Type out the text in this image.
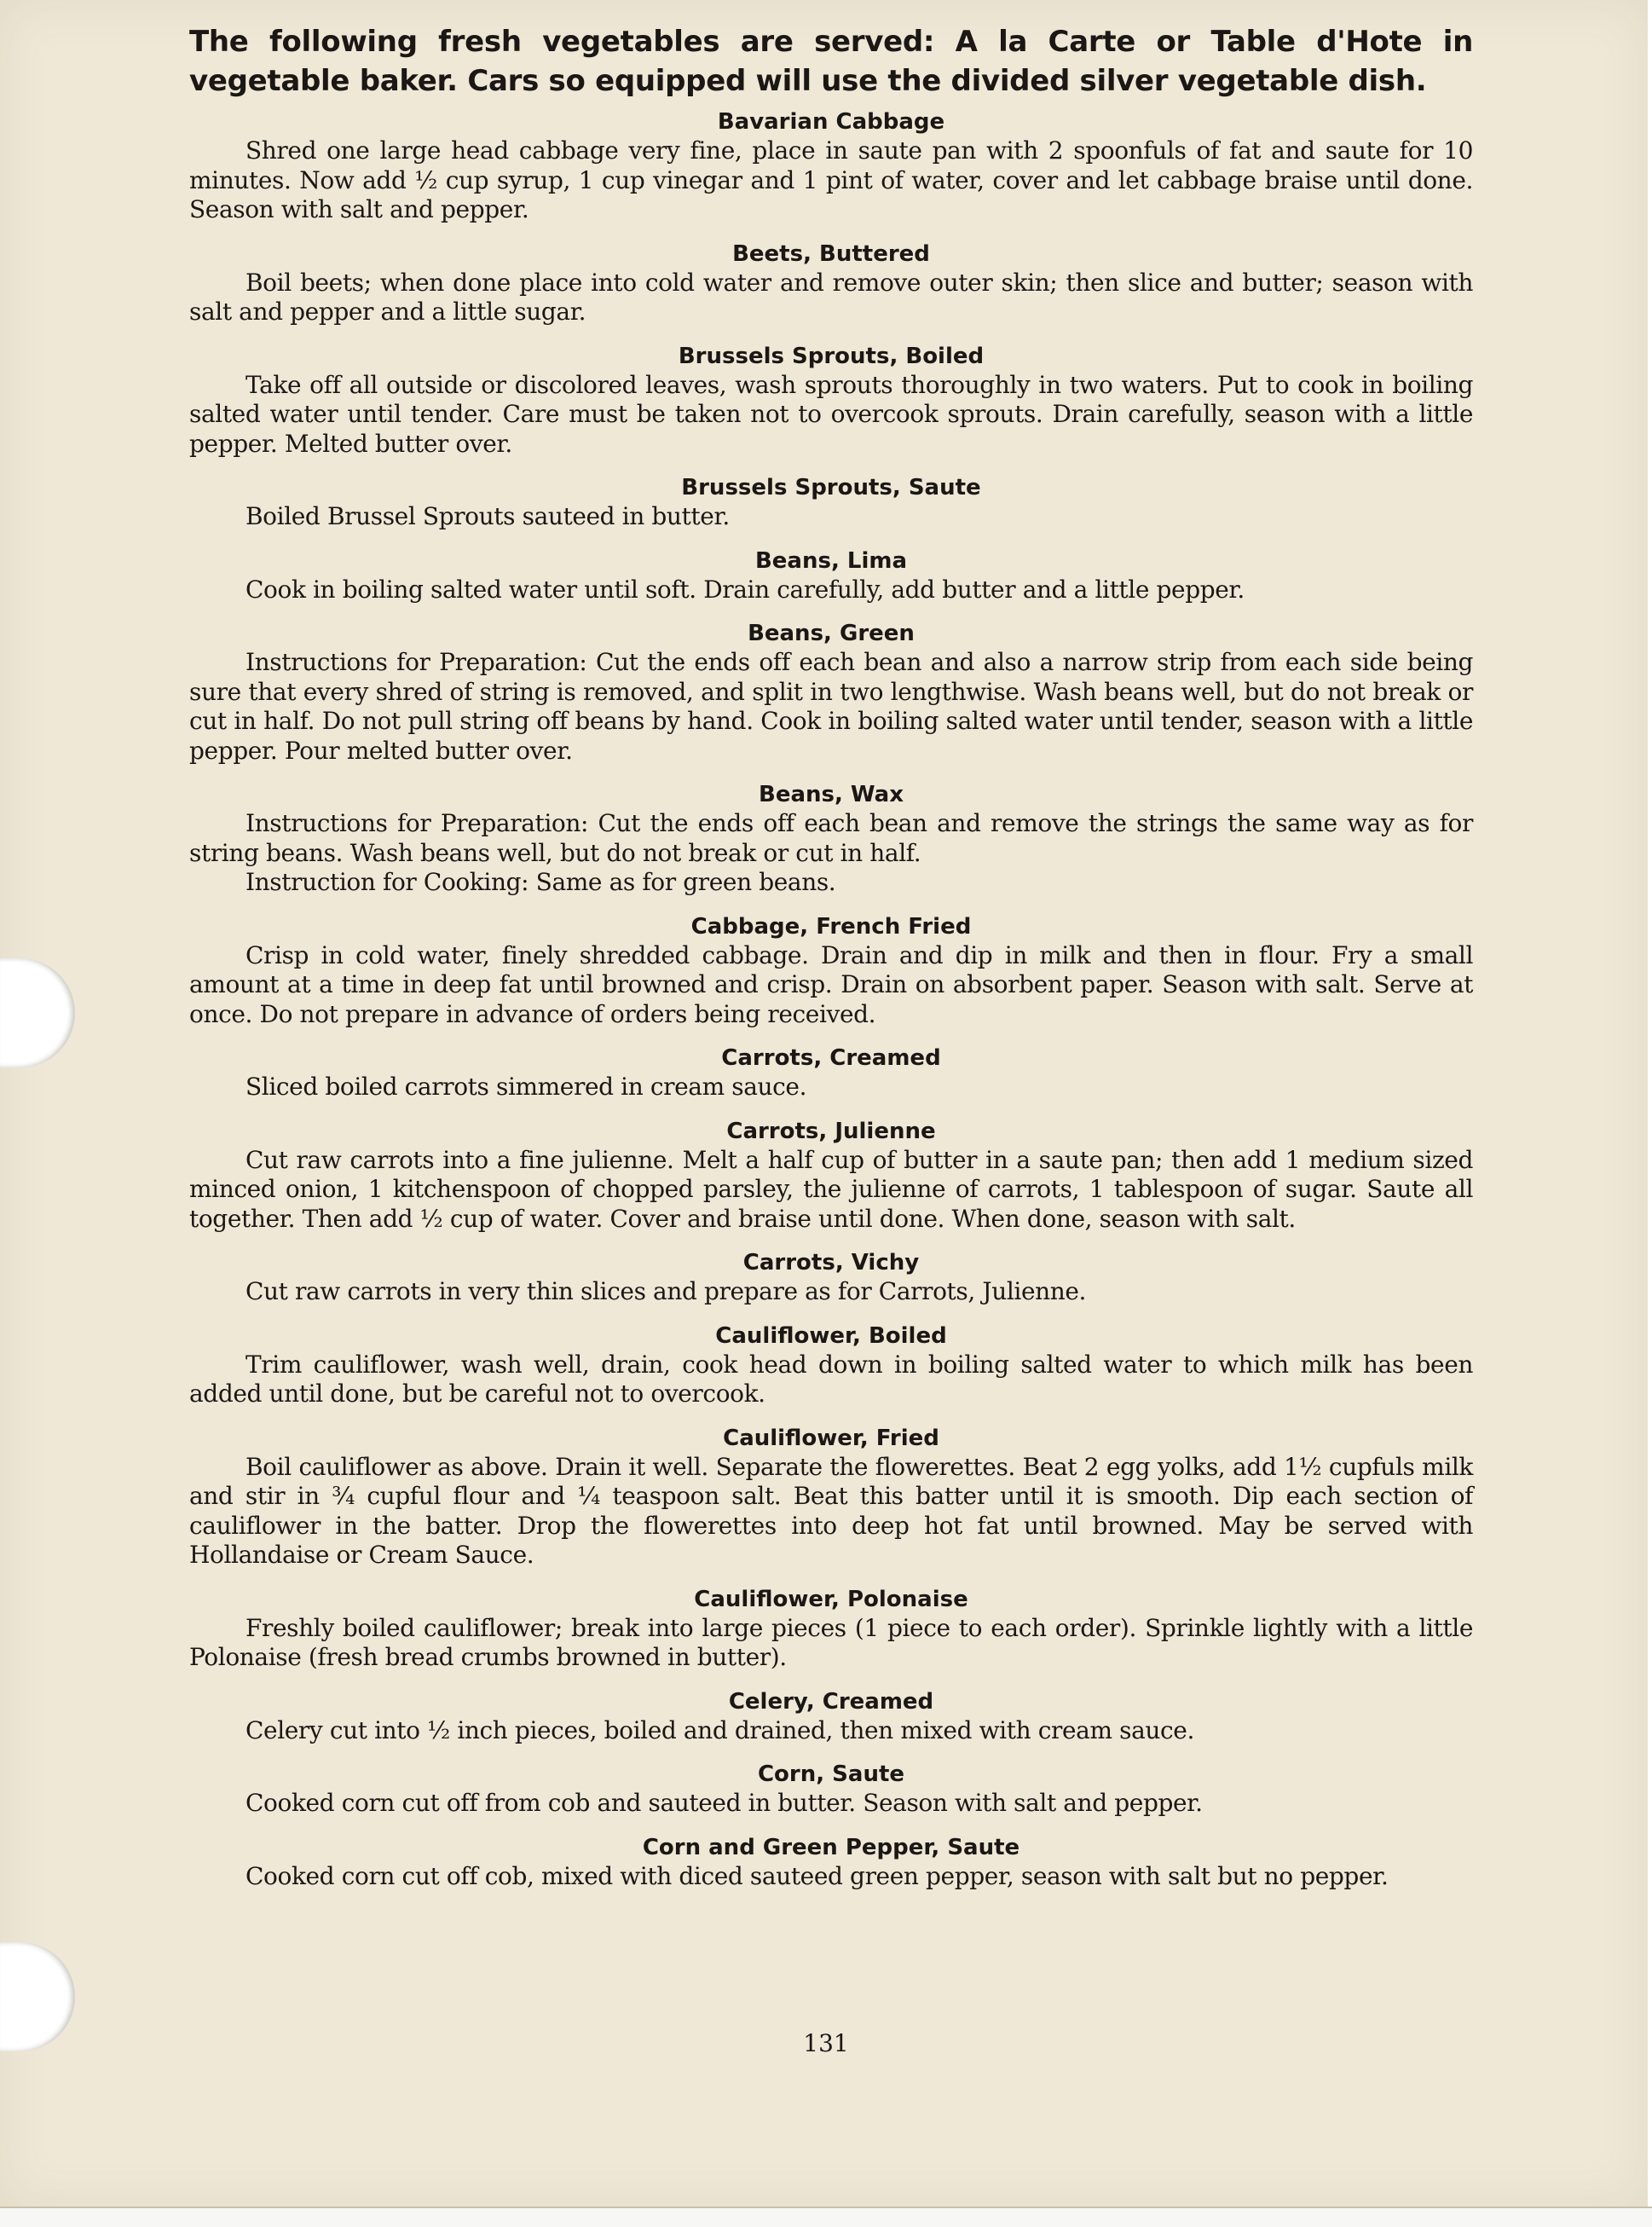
The following fresh vegetables are served: A la Carte or Table d'Hote in vegetable baker. Cars so equipped will use the divided silver vegetable dish.

Bavarian Cabbage

Shred one large head cabbage very fine, place in saute pan with 2 spoonfuls of fat and saute for 10 minutes. Now add ½ cup syrup, 1 cup vinegar and 1 pint of water, cover and let cabbage braise until done. Season with salt and pepper.

Beets, Buttered

Boil beets; when done place into cold water and remove outer skin; then slice and butter; season with salt and pepper and a little sugar.

Brussels Sprouts, Boiled

Take off all outside or discolored leaves, wash sprouts thoroughly in two waters. Put to cook in boiling salted water until tender. Care must be taken not to overcook sprouts. Drain carefully, season with a little pepper. Melted butter over.

Brussels Sprouts, Saute

Boiled Brussel Sprouts sauteed in butter.

Beans, Lima

Cook in boiling salted water until soft. Drain carefully, add butter and a little pepper.

Beans, Green

Instructions for Preparation: Cut the ends off each bean and also a narrow strip from each side being sure that every shred of string is removed, and split in two lengthwise. Wash beans well, but do not break or cut in half. Do not pull string off beans by hand. Cook in boiling salted water until tender, season with a little pepper. Pour melted butter over.

Beans, Wax

Instructions for Preparation: Cut the ends off each bean and remove the strings the same way as for string beans. Wash beans well, but do not break or cut in half.

Instruction for Cooking: Same as for green beans.

Cabbage, French Fried

Crisp in cold water, finely shredded cabbage. Drain and dip in milk and then in flour. Fry a small amount at a time in deep fat until browned and crisp. Drain on absorbent paper. Season with salt. Serve at once. Do not prepare in advance of orders being received.

Carrots, Creamed

Sliced boiled carrots simmered in cream sauce.

Carrots, Julienne

Cut raw carrots into a fine julienne. Melt a half cup of butter in a saute pan; then add 1 medium sized minced onion, 1 kitchenspoon of chopped parsley, the julienne of carrots, 1 tablespoon of sugar. Saute all together. Then add ½ cup of water. Cover and braise until done. When done, season with salt.

Carrots, Vichy

Cut raw carrots in very thin slices and prepare as for Carrots, Julienne.

Cauliflower, Boiled

Trim cauliflower, wash well, drain, cook head down in boiling salted water to which milk has been added until done, but be careful not to overcook.

Cauliflower, Fried

Boil cauliflower as above. Drain it well. Separate the flowerettes. Beat 2 egg yolks, add 1½ cupfuls milk and stir in ¾ cupful flour and ¼ teaspoon salt. Beat this batter until it is smooth. Dip each section of cauliflower in the batter. Drop the flowerettes into deep hot fat until browned. May be served with Hollandaise or Cream Sauce.

Cauliflower, Polonaise

Freshly boiled cauliflower; break into large pieces (1 piece to each order). Sprinkle lightly with a little Polonaise (fresh bread crumbs browned in butter).

Celery, Creamed

Celery cut into ½ inch pieces, boiled and drained, then mixed with cream sauce.

Corn, Saute

Cooked corn cut off from cob and sauteed in butter. Season with salt and pepper.

Corn and Green Pepper, Saute

Cooked corn cut off cob, mixed with diced sauteed green pepper, season with salt but no pepper.

131
